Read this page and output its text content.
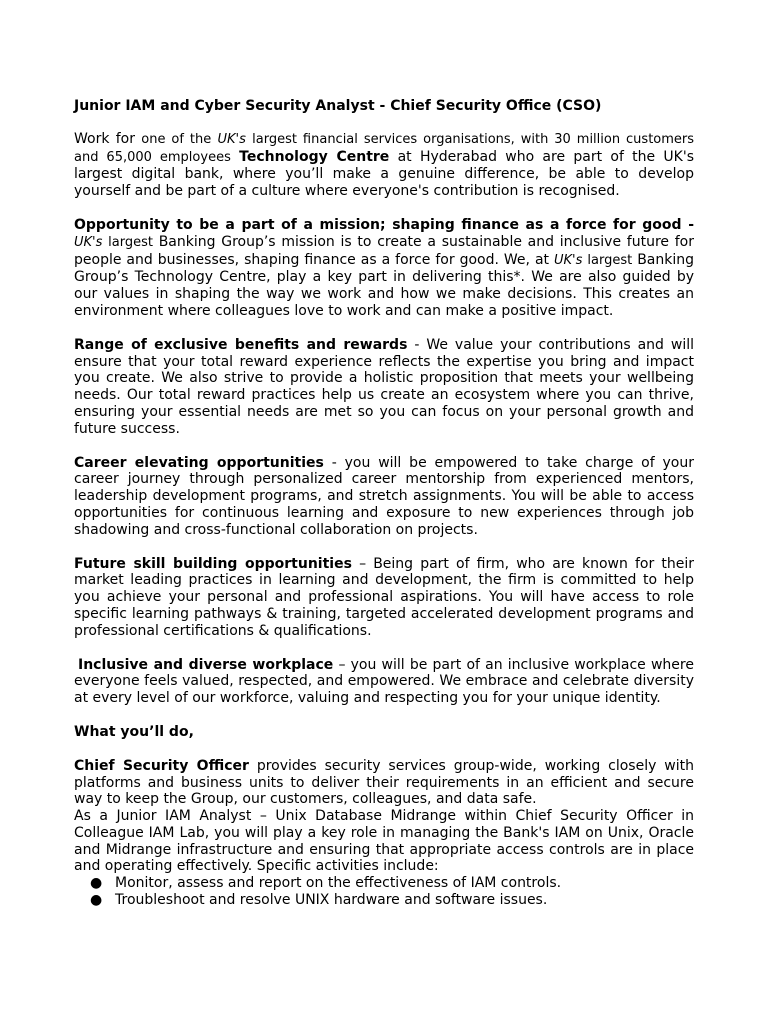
Junior IAM and Cyber Security Analyst - Chief Security Office (CSO)

Work for one of the UK's largest financial services organisations, with 30 million customers and 65,000 employees Technology Centre at Hyderabad who are part of the UK's largest digital bank, where you’ll make a genuine difference, be able to develop yourself and be part of a culture where everyone's contribution is recognised.

Opportunity to be a part of a mission; shaping finance as a force for good - UK's largest Banking Group’s mission is to create a sustainable and inclusive future for people and businesses, shaping finance as a force for good. We, at UK's largest Banking Group’s Technology Centre, play a key part in delivering this*. We are also guided by our values in shaping the way we work and how we make decisions. This creates an environment where colleagues love to work and can make a positive impact.

Range of exclusive benefits and rewards - We value your contributions and will ensure that your total reward experience reflects the expertise you bring and impact you create. We also strive to provide a holistic proposition that meets your wellbeing needs. Our total reward practices help us create an ecosystem where you can thrive, ensuring your essential needs are met so you can focus on your personal growth and future success.

Career elevating opportunities - you will be empowered to take charge of your career journey through personalized career mentorship from experienced mentors, leadership development programs, and stretch assignments. You will be able to access opportunities for continuous learning and exposure to new experiences through job shadowing and cross-functional collaboration on projects.

Future skill building opportunities – Being part of firm, who are known for their market leading practices in learning and development, the firm is committed to help you achieve your personal and professional aspirations. You will have access to role specific learning pathways & training, targeted accelerated development programs and professional certifications & qualifications.

Inclusive and diverse workplace – you will be part of an inclusive workplace where everyone feels valued, respected, and empowered. We embrace and celebrate diversity at every level of our workforce, valuing and respecting you for your unique identity.

What you’ll do,

Chief Security Officer provides security services group-wide, working closely with platforms and business units to deliver their requirements in an efficient and secure way to keep the Group, our customers, colleagues, and data safe.

As a Junior IAM Analyst – Unix Database Midrange within Chief Security Officer in Colleague IAM Lab, you will play a key role in managing the Bank's IAM on Unix, Oracle and Midrange infrastructure and ensuring that appropriate access controls are in place and operating effectively. Specific activities include:

● Monitor, assess and report on the effectiveness of IAM controls.
● Troubleshoot and resolve UNIX hardware and software issues.
